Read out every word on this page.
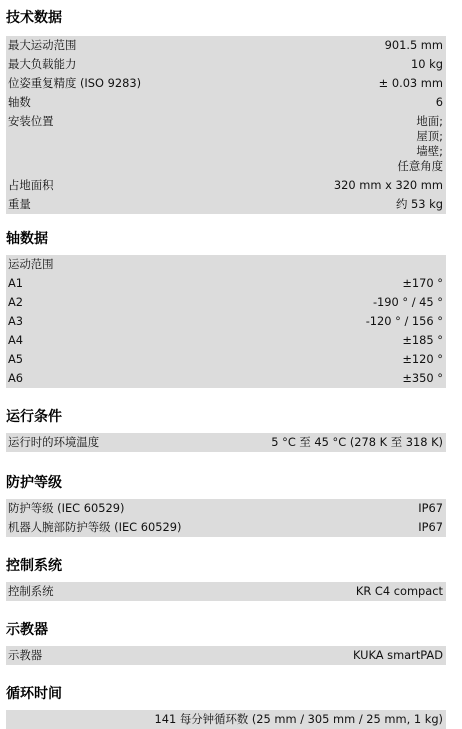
技术数据
最大运动范围	901.5 mm
最大负载能力	10 kg
位姿重复精度 (ISO 9283)	± 0.03 mm
轴数	6
安装位置	地面;
屋顶;
墙壁;
任意角度
占地面积	320 mm x 320 mm
重量	约 53 kg
轴数据
运动范围
A1	±170 °
A2	-190 ° / 45 °
A3	-120 ° / 156 °
A4	±185 °
A5	±120 °
A6	±350 °
运行条件
运行时的环境温度	5 °C 至 45 °C (278 K 至 318 K)
防护等级
防护等级 (IEC 60529)	IP67
机器人腕部防护等级 (IEC 60529)	IP67
控制系统
控制系统	KR C4 compact
示教器
示教器	KUKA smartPAD
循环时间
141 每分钟循环数 (25 mm / 305 mm / 25 mm, 1 kg)
